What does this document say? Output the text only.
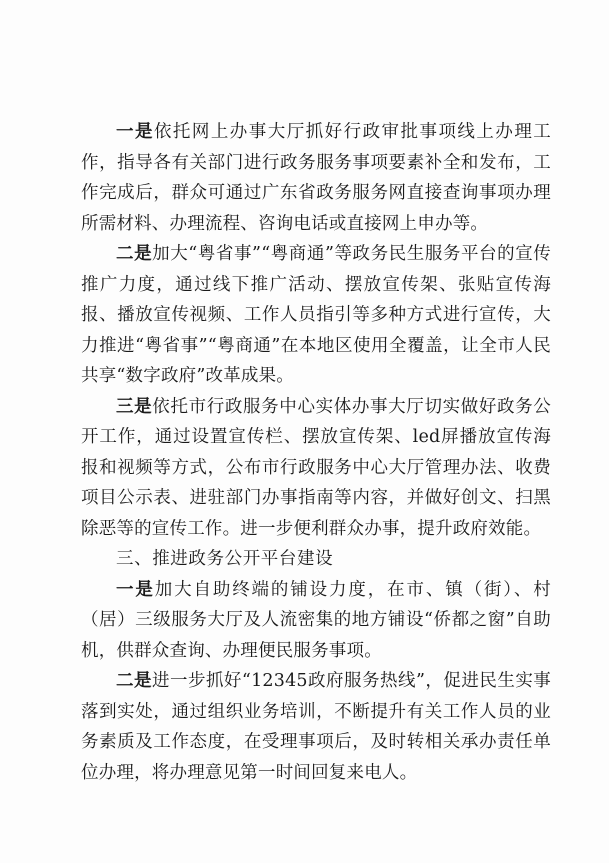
一是依托网上办事大厅抓好行政审批事项线上办理工作，指导各有关部门进行政务服务事项要素补全和发布，工作完成后，群众可通过广东省政务服务网直接查询事项办理所需材料、办理流程、咨询电话或直接网上申办等。

二是加大“粤省事”“粤商通”等政务民生服务平台的宣传推广力度，通过线下推广活动、摆放宣传架、张贴宣传海报、播放宣传视频、工作人员指引等多种方式进行宣传，大力推进“粤省事”“粤商通”在本地区使用全覆盖，让全市人民共享“数字政府”改革成果。

三是依托市行政服务中心实体办事大厅切实做好政务公开工作，通过设置宣传栏、摆放宣传架、led屏播放宣传海报和视频等方式，公布市行政服务中心大厅管理办法、收费项目公示表、进驻部门办事指南等内容，并做好创文、扫黑除恶等的宣传工作。进一步便利群众办事，提升政府效能。

三、推进政务公开平台建设

一是加大自助终端的铺设力度，在市、镇（街）、村（居）三级服务大厅及人流密集的地方铺设“侨都之窗”自助机，供群众查询、办理便民服务事项。

二是进一步抓好“12345政府服务热线”，促进民生实事落到实处，通过组织业务培训，不断提升有关工作人员的业务素质及工作态度，在受理事项后，及时转相关承办责任单位办理，将办理意见第一时间回复来电人。
